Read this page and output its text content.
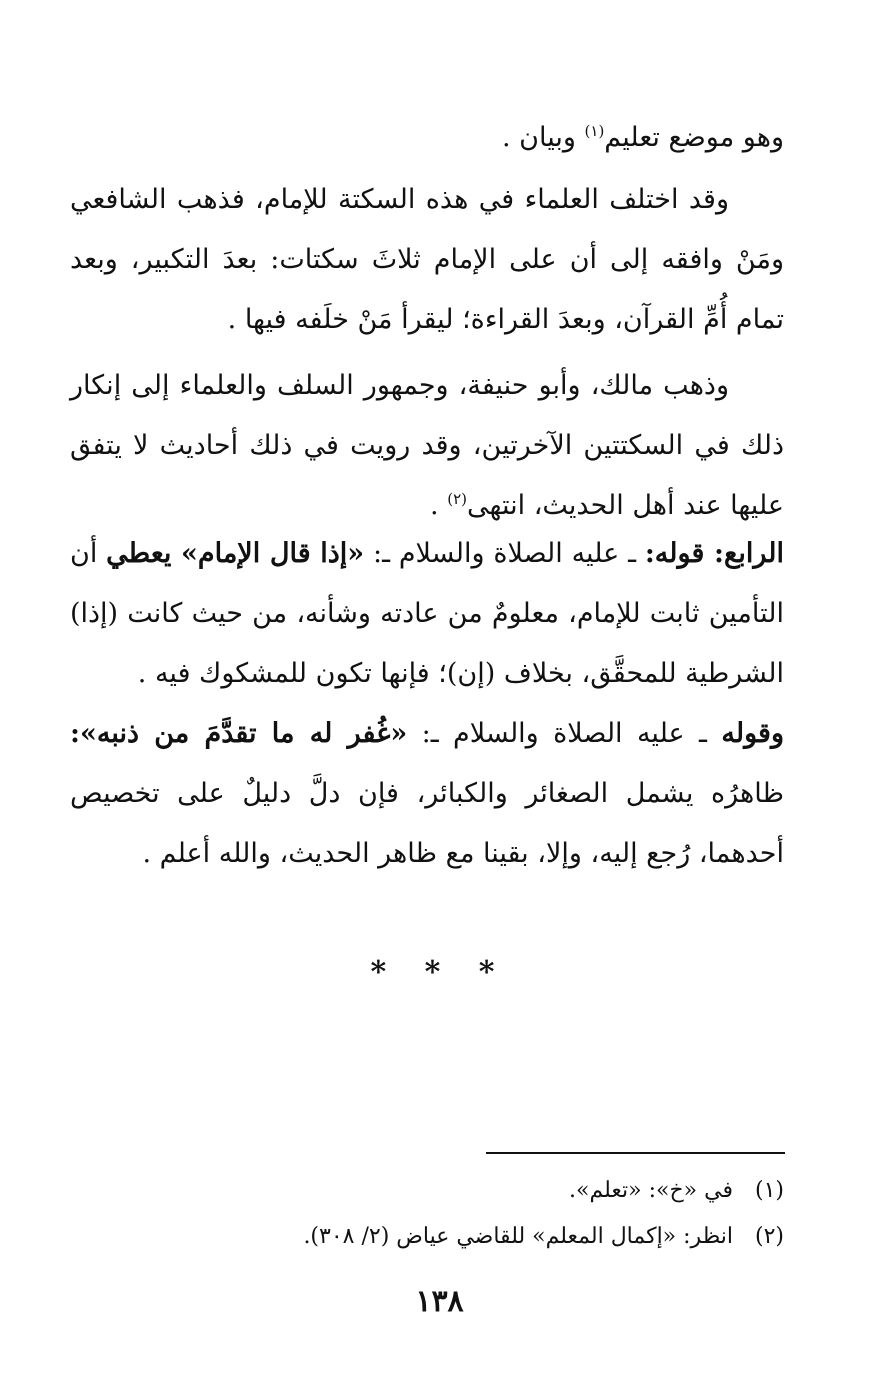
وهو موضع تعليم$^{(١)}$ وبيان .

وقد اختلف العلماء في هذه السكتة للإمام، فذهب الشافعي ومَنْ وافقه إلى أن على الإمام ثلاثَ سكتات: بعدَ التكبير، وبعد تمام أُمِّ القرآن، وبعدَ القراءة؛ ليقرأ مَنْ خلَفه فيها .

وذهب مالك، وأبو حنيفة، وجمهور السلف والعلماء إلى إنكار ذلك في السكتتين الآخرتين، وقد رويت في ذلك أحاديث لا يتفق عليها عند أهل الحديث، انتهى$^{(٢)}$ .

الرابع: قوله: ـ عليه الصلاة والسلام ـ: «إذا قال الإمام» يعطي أن التأمين ثابت للإمام، معلومٌ من عادته وشأنه، من حيث كانت (إذا) الشرطية للمحقَّق، بخلاف (إن)؛ فإنها تكون للمشكوك فيه .

وقوله ـ عليه الصلاة والسلام ـ: «غُفر له ما تقدَّمَ من ذنبه»: ظاهرُه يشمل الصغائر والكبائر، فإن دلَّ دليلٌ على تخصيص أحدهما، رُجع إليه، وإلا، بقينا مع ظاهر الحديث، والله أعلم .

* * *

(١)في «خ»: «تعلم».

(٢)انظر: «إكمال المعلم» للقاضي عياض (٢/ ٣٠٨).

١٣٨
